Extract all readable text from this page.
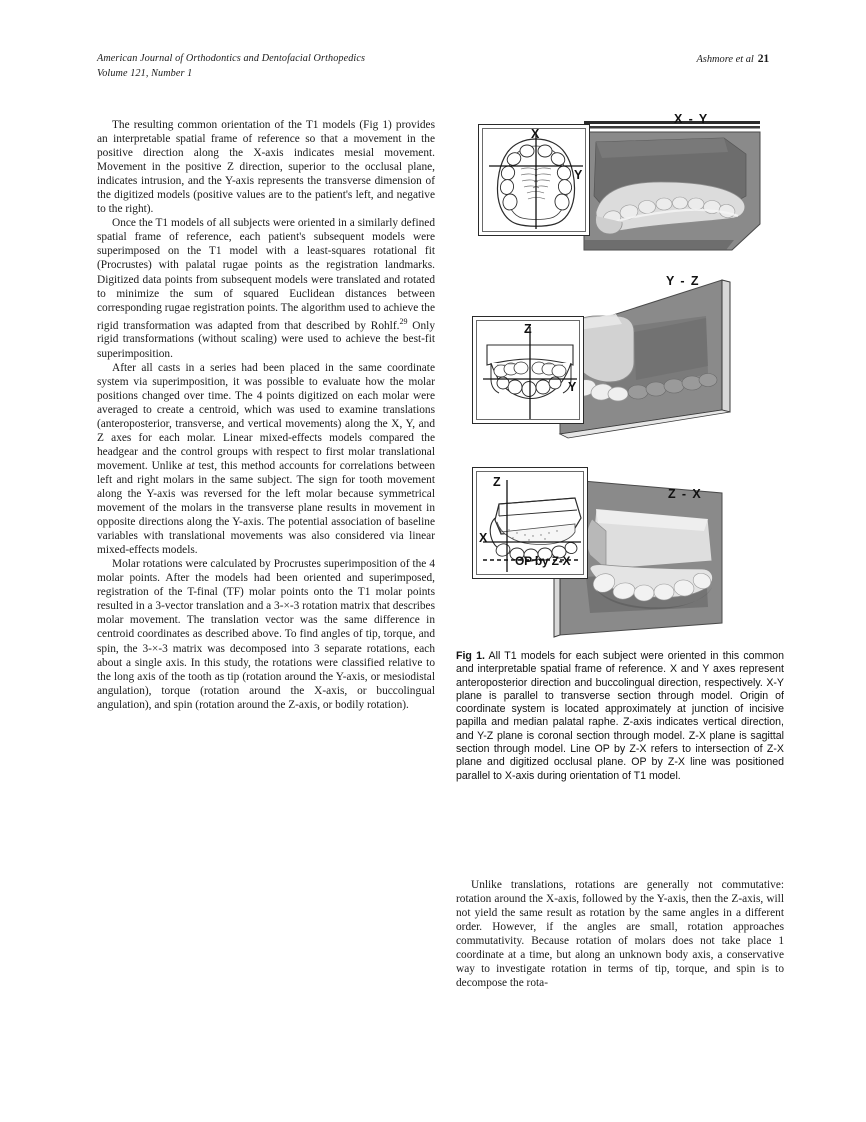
American Journal of Orthodontics and Dentofacial Orthopedics
Volume 121, Number 1
Ashmore et al 21

The resulting common orientation of the T1 models (Fig 1) provides an interpretable spatial frame of reference so that a movement in the positive direction along the X-axis indicates mesial movement. Movement in the positive Z direction, superior to the occlusal plane, indicates intrusion, and the Y-axis represents the transverse dimension of the digitized models (positive values are to the patient's left, and negative to the right).

Once the T1 models of all subjects were oriented in a similarly defined spatial frame of reference, each patient's subsequent models were superimposed on the T1 model with a least-squares rotational fit (Procrustes) with palatal rugae points as the registration landmarks. Digitized data points from subsequent models were translated and rotated to minimize the sum of squared Euclidean distances between corresponding rugae registration points. The algorithm used to achieve the rigid transformation was adapted from that described by Rohlf.$^{29}$ Only rigid transformations (without scaling) were used to achieve the best-fit superimposition.

After all casts in a series had been placed in the same coordinate system via superimposition, it was possible to evaluate how the molar positions changed over time. The 4 points digitized on each molar were averaged to create a centroid, which was used to examine translations (anteroposterior, transverse, and vertical movements) along the X, Y, and Z axes for each molar. Linear mixed-effects models compared the headgear and the control groups with respect to first molar translational movement. Unlike at test, this method accounts for correlations between left and right molars in the same subject. The sign for tooth movement along the Y-axis was reversed for the left molar because symmetrical movement of the molars in the transverse plane results in movement in opposite directions along the Y-axis. The potential association of baseline variables with translational movements was also considered via linear mixed-effects models.

Molar rotations were calculated by Procrustes superimposition of the 4 molar points. After the models had been oriented and superimposed, registration of the T-final (TF) molar points onto the T1 molar points resulted in a 3-vector translation and a 3-×-3 rotation matrix that describes molar movement. The translation vector was the same difference in centroid coordinates as described above. To find angles of tip, torque, and spin, the 3-×-3 matrix was decomposed into 3 separate rotations, each about a single axis. In this study, the rotations were classified relative to the long axis of the tooth as tip (rotation around the Y-axis, or mesiodistal angulation), torque (rotation around the X-axis, or buccolingual angulation), and spin (rotation around the Z-axis, or bodily rotation).

X - Y
X
Y
Y - Z
Z
Y
Z - X
Z
X
OP by Z-X
Fig 1. All T1 models for each subject were oriented in this common and interpretable spatial frame of reference. X and Y axes represent anteroposterior direction and buccolingual direction, respectively. X-Y plane is parallel to transverse section through model. Origin of coordinate system is located approximately at junction of incisive papilla and median palatal raphe. Z-axis indicates vertical direction, and Y-Z plane is coronal section through model. Z-X plane is sagittal section through model. Line OP by Z-X refers to intersection of Z-X plane and digitized occlusal plane. OP by Z-X line was positioned parallel to X-axis during orientation of T1 model.

Unlike translations, rotations are generally not commutative: rotation around the X-axis, followed by the Y-axis, then the Z-axis, will not yield the same result as rotation by the same angles in a different order. However, if the angles are small, rotation approaches commutativity. Because rotation of molars does not take place 1 coordinate at a time, but along an unknown body axis, a conservative way to investigate rotation in terms of tip, torque, and spin is to decompose the rota-
